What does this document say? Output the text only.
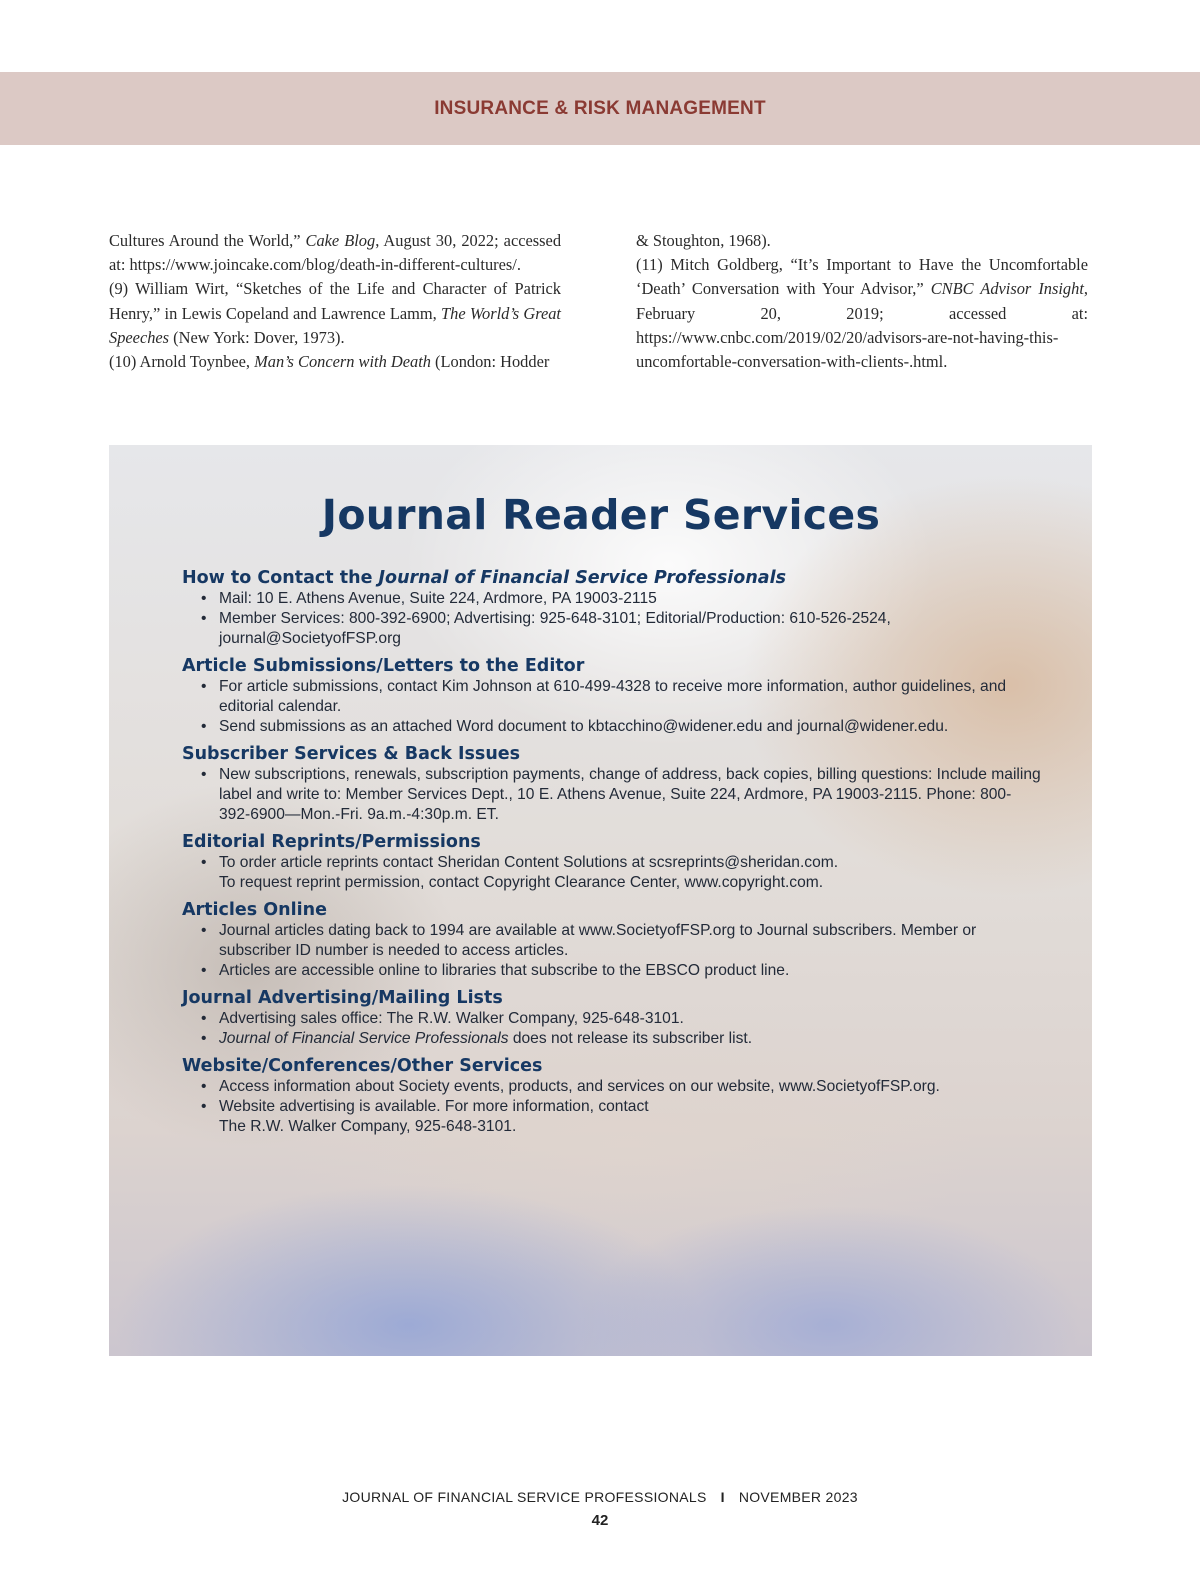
INSURANCE & RISK MANAGEMENT

Cultures Around the World,” Cake Blog, August 30, 2022; accessed at: https://www.joincake.com/blog/death-in-different-cultures/.

(9) William Wirt, “Sketches of the Life and Character of Patrick Henry,” in Lewis Copeland and Lawrence Lamm, The World’s Great Speeches (New York: Dover, 1973).

(10) Arnold Toynbee, Man’s Concern with Death (London: Hodder

& Stoughton, 1968).

(11) Mitch Goldberg, “It’s Important to Have the Uncomfortable ‘Death’ Conversation with Your Advisor,” CNBC Advisor Insight, February 20, 2019; accessed at: https://www.cnbc.com/2019/02/20/advisors-are-not-having-this-uncomfortable-conversation-with-clients-.html.

Journal Reader Services
How to Contact the Journal of Financial Service Professionals
• Mail: 10 E. Athens Avenue, Suite 224, Ardmore, PA 19003-2115
• Member Services: 800-392-6900; Advertising: 925-648-3101; Editorial/Production: 610-526-2524, journal@SocietyofFSP.org
Article Submissions/Letters to the Editor
• For article submissions, contact Kim Johnson at 610-499-4328 to receive more information, author guidelines, and editorial calendar.
• Send submissions as an attached Word document to kbtacchino@widener.edu and journal@widener.edu.
Subscriber Services & Back Issues
• New subscriptions, renewals, subscription payments, change of address, back copies, billing questions: Include mailing label and write to: Member Services Dept., 10 E. Athens Avenue, Suite 224, Ardmore, PA 19003-2115. Phone: 800-392-6900—Mon.-Fri. 9a.m.-4:30p.m. ET.
Editorial Reprints/Permissions
• To order article reprints contact Sheridan Content Solutions at scsreprints@sheridan.com.
To request reprint permission, contact Copyright Clearance Center, www.copyright.com.
Articles Online
• Journal articles dating back to 1994 are available at www.SocietyofFSP.org to Journal subscribers. Member or subscriber ID number is needed to access articles.
• Articles are accessible online to libraries that subscribe to the EBSCO product line.
Journal Advertising/Mailing Lists
• Advertising sales office: The R.W. Walker Company, 925-648-3101.
• Journal of Financial Service Professionals does not release its subscriber list.
Website/Conferences/Other Services
• Access information about Society events, products, and services on our website, www.SocietyofFSP.org.
• Website advertising is available. For more information, contact
The R.W. Walker Company, 925-648-3101.
JOURNAL OF FINANCIAL SERVICE PROFESSIONALS I NOVEMBER 2023
42
